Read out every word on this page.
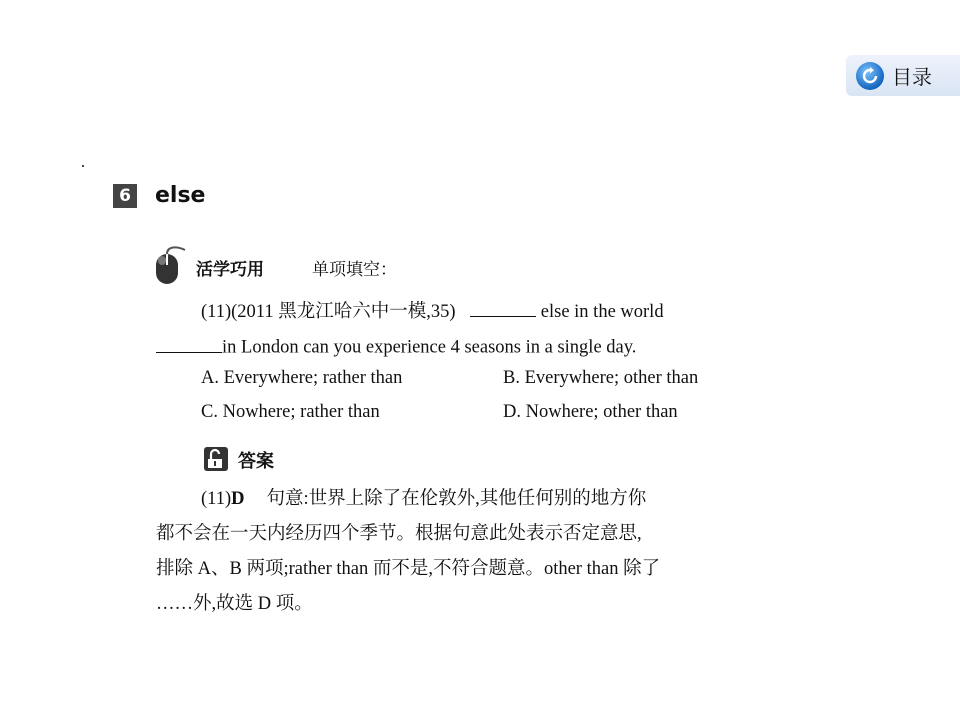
目录
6 else
活学巧用	单项填空：
(11)(2011 黑龙江哈六中一模,35)	else in the world
in London can you experience 4 seasons in a single day.
A. Everywhere; rather than	B. Everywhere; other than
C. Nowhere; rather than	D. Nowhere; other than
答案
(11)D 句意:世界上除了在伦敦外,其他任何别的地方你
都不会在一天内经历四个季节。根据句意此处表示否定意思,
排除 A、B 两项;rather than 而不是,不符合题意。other than 除了
……外,故选 D 项。
